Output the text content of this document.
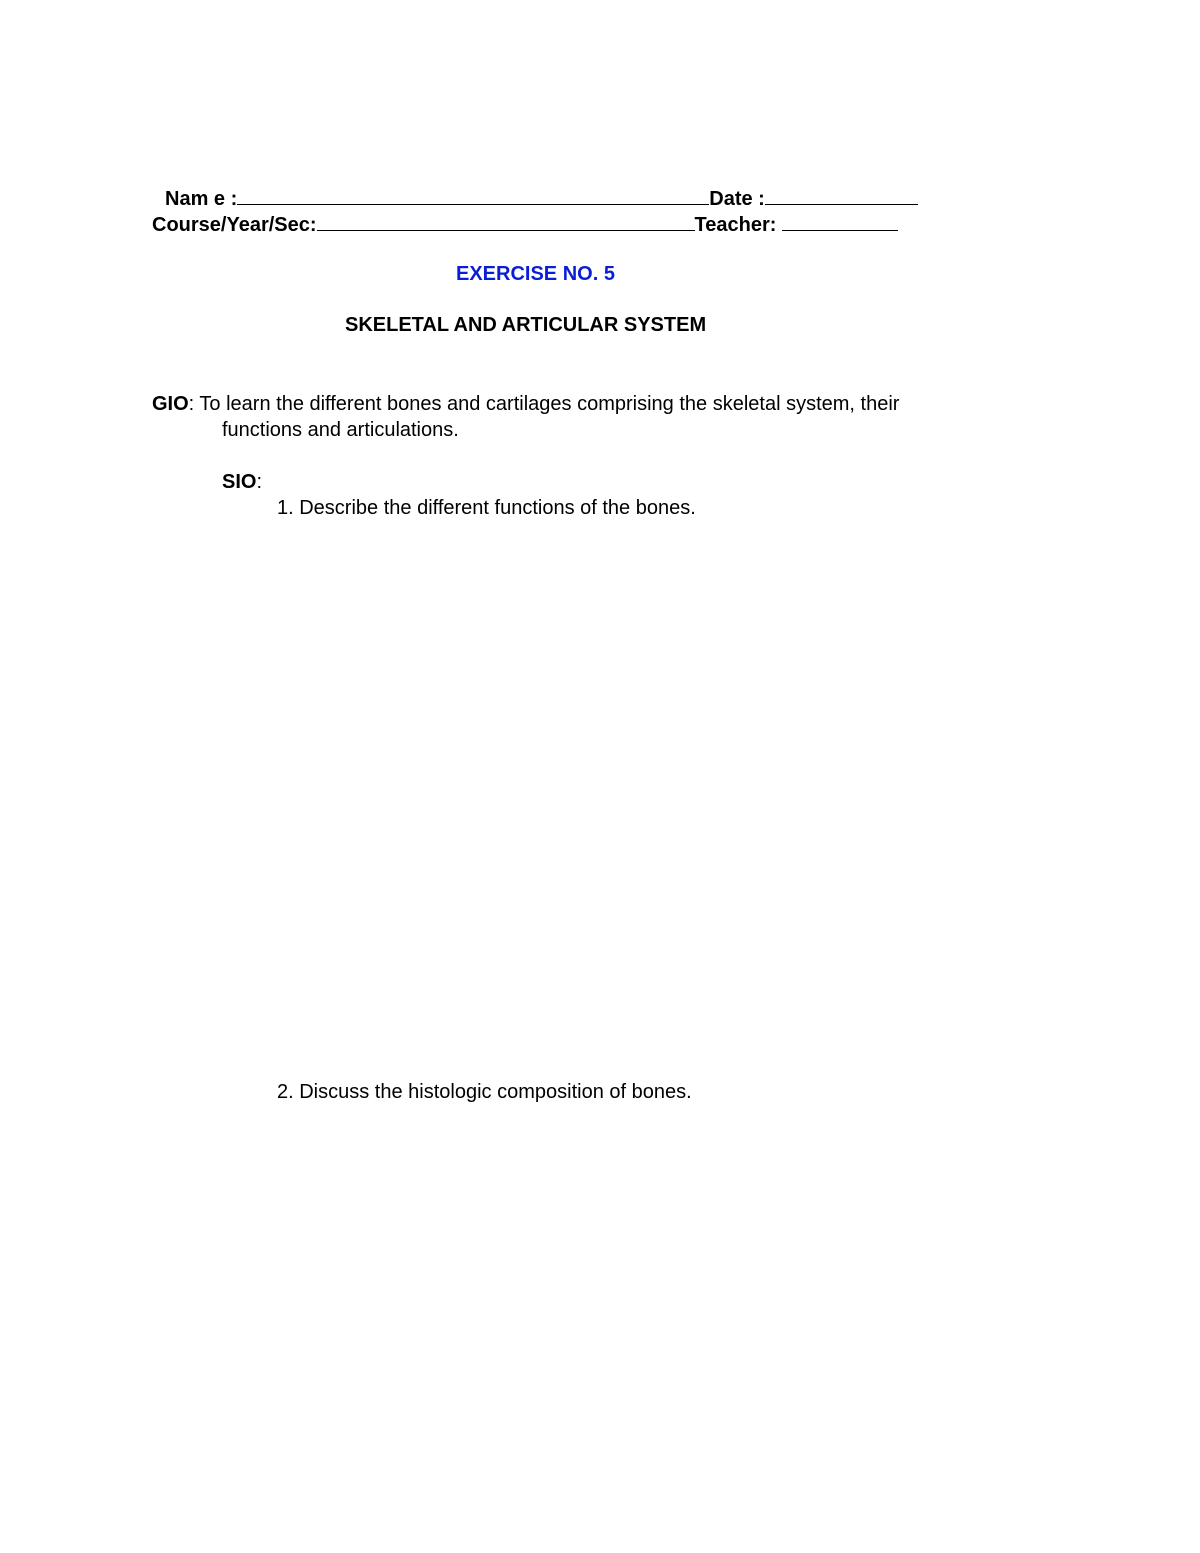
Nam e :	Date :
Course/Year/Sec:	Teacher:
EXERCISE NO. 5
SKELETAL AND ARTICULAR SYSTEM
GIO: To learn the different bones and cartilages comprising the skeletal system, their
functions and articulations.
SIO:
1. Describe the different functions of the bones.
2. Discuss the histologic composition of bones.
